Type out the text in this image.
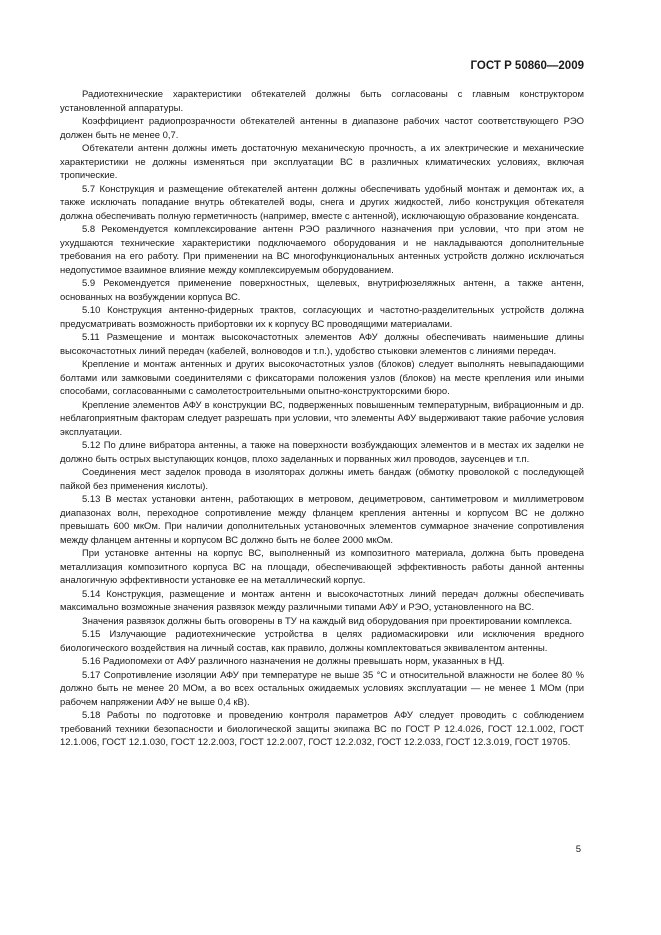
ГОСТ Р 50860—2009

Радиотехнические характеристики обтекателей должны быть согласованы с главным конструктором установленной аппаратуры.

Коэффициент радиопрозрачности обтекателей антенны в диапазоне рабочих частот соответствующего РЭО должен быть не менее 0,7.

Обтекатели антенн должны иметь достаточную механическую прочность, а их электрические и механические характеристики не должны изменяться при эксплуатации ВС в различных климатических условиях, включая тропические.

5.7 Конструкция и размещение обтекателей антенн должны обеспечивать удобный монтаж и демонтаж их, а также исключать попадание внутрь обтекателей воды, снега и других жидкостей, либо конструкция обтекателя должна обеспечивать полную герметичность (например, вместе с антенной), исключающую образование конденсата.

5.8 Рекомендуется комплексирование антенн РЭО различного назначения при условии, что при этом не ухудшаются технические характеристики подключаемого оборудования и не накладываются дополнительные требования на его работу. При применении на ВС многофункциональных антенных устройств должно исключаться недопустимое взаимное влияние между комплексируемым оборудованием.

5.9 Рекомендуется применение поверхностных, щелевых, внутрифюзеляжных антенн, а также антенн, основанных на возбуждении корпуса ВС.

5.10 Конструкция антенно-фидерных трактов, согласующих и частотно-разделительных устройств должна предусматривать возможность прибортовки их к корпусу ВС проводящими материалами.

5.11 Размещение и монтаж высокочастотных элементов АФУ должны обеспечивать наименьшие длины высокочастотных линий передач (кабелей, волноводов и т.п.), удобство стыковки элементов с линиями передач.

Крепление и монтаж антенных и других высокочастотных узлов (блоков) следует выполнять невыпадающими болтами или замковыми соединителями с фиксаторами положения узлов (блоков) на месте крепления или иными способами, согласованными с самолетостроительными опытно-конструкторскими бюро.

Крепление элементов АФУ в конструкции ВС, подверженных повышенным температурным, вибрационным и др. неблагоприятным факторам следует разрешать при условии, что элементы АФУ выдерживают такие рабочие условия эксплуатации.

5.12 По длине вибратора антенны, а также на поверхности возбуждающих элементов и в местах их заделки не должно быть острых выступающих концов, плохо заделанных и порванных жил проводов, заусенцев и т.п.

Соединения мест заделок провода в изоляторах должны иметь бандаж (обмотку проволокой с последующей пайкой без применения кислоты).

5.13 В местах установки антенн, работающих в метровом, дециметровом, сантиметровом и миллиметровом диапазонах волн, переходное сопротивление между фланцем крепления антенны и корпусом ВС не должно превышать 600 мкОм. При наличии дополнительных установочных элементов суммарное значение сопротивления между фланцем антенны и корпусом ВС должно быть не более 2000 мкОм.

При установке антенны на корпус ВС, выполненный из композитного материала, должна быть проведена металлизация композитного корпуса ВС на площади, обеспечивающей эффективность работы данной антенны аналогичную эффективности установке ее на металлический корпус.

5.14 Конструкция, размещение и монтаж антенн и высокочастотных линий передач должны обеспечивать максимально возможные значения развязок между различными типами АФУ и РЭО, установленного на ВС.

Значения развязок должны быть оговорены в ТУ на каждый вид оборудования при проектировании комплекса.

5.15 Излучающие радиотехнические устройства в целях радиомаскировки или исключения вредного биологического воздействия на личный состав, как правило, должны комплектоваться эквивалентом антенны.

5.16 Радиопомехи от АФУ различного назначения не должны превышать норм, указанных в НД.

5.17 Сопротивление изоляции АФУ при температуре не выше 35 °С и относительной влажности не более 80 % должно быть не менее 20 МОм, а во всех остальных ожидаемых условиях эксплуатации — не менее 1 МОм (при рабочем напряжении АФУ не выше 0,4 кВ).

5.18 Работы по подготовке и проведению контроля параметров АФУ следует проводить с соблюдением требований техники безопасности и биологической защиты экипажа ВС по ГОСТ Р 12.4.026, ГОСТ 12.1.002, ГОСТ 12.1.006, ГОСТ 12.1.030, ГОСТ 12.2.003, ГОСТ 12.2.007, ГОСТ 12.2.032, ГОСТ 12.2.033, ГОСТ 12.3.019, ГОСТ 19705.

5
